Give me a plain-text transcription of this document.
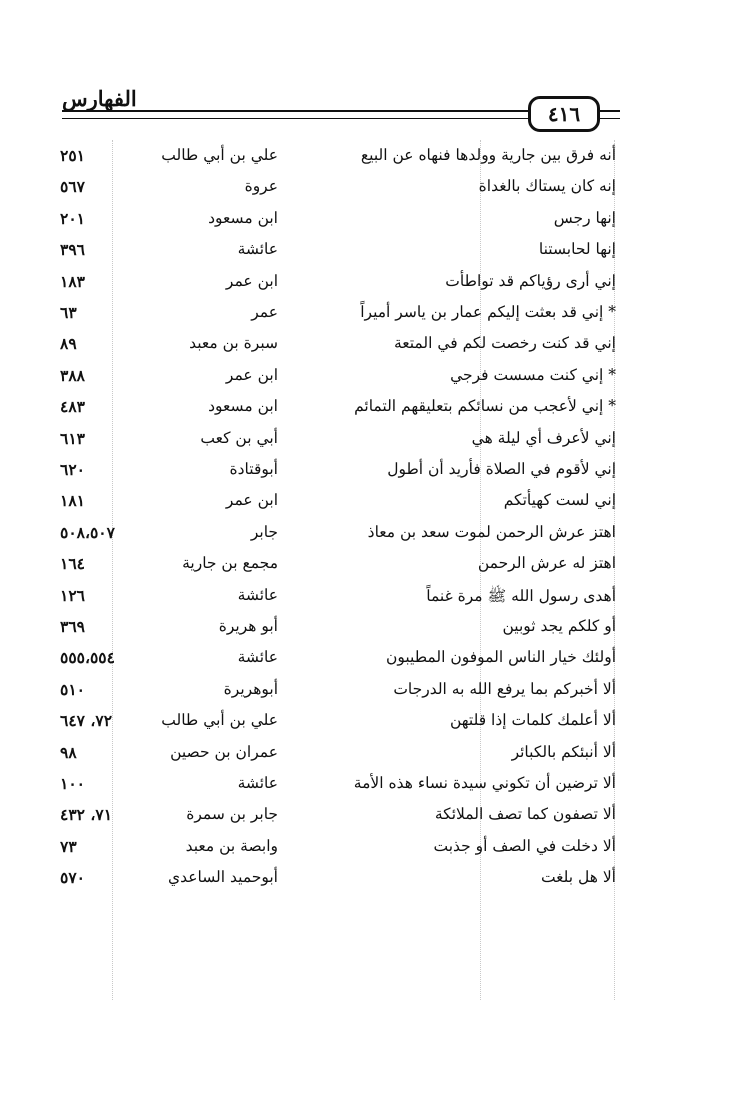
الفهارس
٤١٦
أنه فرق بين جارية وولدها فنهاه عن البيع
علي بن أبي طالب
٢٥١
إنه كان يستاك بالغداة
عروة
٥٦٧
إنها رجس
ابن مسعود
٢٠١
إنها لحابستنا
عائشة
٣٩٦
إني أرى رؤياكم قد تواطأت
ابن عمر
١٨٣
* إني قد بعثت إليكم عمار بن ياسر أميراً
عمر
٦٣
إني قد كنت رخصت لكم في المتعة
سبرة بن معبد
٨٩
* إني كنت مسست فرجي
ابن عمر
٣٨٨
* إني لأعجب من نسائكم بتعليقهم التمائم
ابن مسعود
٤٨٣
إني لأعرف أي ليلة هي
أبي بن كعب
٦١٣
إني لأقوم في الصلاة فأريد أن أطول
أبوقتادة
٦٢٠
إني لست كهيأتكم
ابن عمر
١٨١
اهتز عرش الرحمن لموت سعد بن معاذ
جابر
٥٠٨،٥٠٧
اهتز له عرش الرحمن
مجمع بن جارية
١٦٤
أهدى رسول الله ﷺ مرة غنماً
عائشة
١٢٦
أو كلكم يجد ثوبين
أبو هريرة
٣٦٩
أولئك خيار الناس الموفون المطيبون
عائشة
٥٥٥،٥٥٤
ألا أخبركم بما يرفع الله به الدرجات
أبوهريرة
٥١٠
ألا أعلمك كلمات إذا قلتهن
علي بن أبي طالب
٧٢، ٦٤٧
ألا أنبئكم بالكبائر
عمران بن حصين
٩٨
ألا ترضين أن تكوني سيدة نساء هذه الأمة
عائشة
١٠٠
ألا تصفون كما تصف الملائكة
جابر بن سمرة
٧١، ٤٣٢
ألا دخلت في الصف أو جذبت
وابصة بن معبد
٧٣
ألا هل بلغت
أبوحميد الساعدي
٥٧٠
